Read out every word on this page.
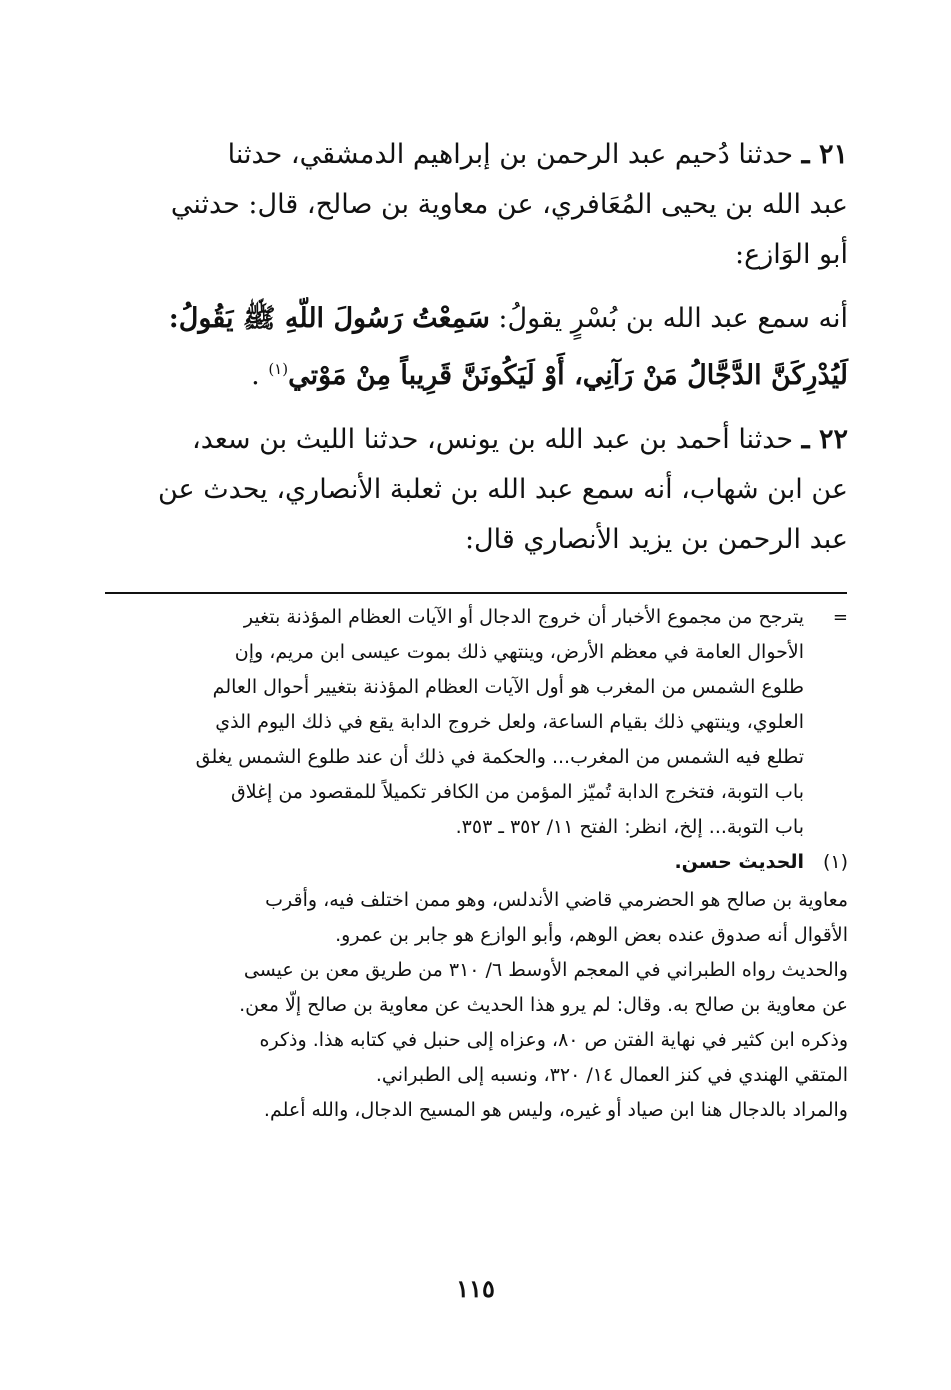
٢١ ـ حدثنا دُحيم عبد الرحمن بن إبراهيم الدمشقي، حدثنا
عبد الله بن يحيى المُعَافري، عن معاوية بن صالح، قال: حدثني
أبو الوَازع:

أنه سمع عبد الله بن بُسْرٍ يقولُ: سَمِعْتُ رَسُولَ اللّهِ ﷺ يَقُولُ:
لَيُدْرِكَنَّ الدَّجَّالُ مَنْ رَآنِي، أَوْ لَيَكُونَنَّ قَرِيباً مِنْ مَوْتي$^{(١)}$ .

٢٢ ـ حدثنا أحمد بن عبد الله بن يونس، حدثنا الليث بن سعد،
عن ابن شهاب، أنه سمع عبد الله بن ثعلبة الأنصاري، يحدث عن
عبد الرحمن بن يزيد الأنصاري قال:

=
يترجح من مجموع الأخبار أن خروج الدجال أو الآيات العظام المؤذنة بتغير
الأحوال العامة في معظم الأرض، وينتهي ذلك بموت عيسى ابن مريم، وإن
طلوع الشمس من المغرب هو أول الآيات العظام المؤذنة بتغيير أحوال العالم
العلوي، وينتهي ذلك بقيام الساعة، ولعل خروج الدابة يقع في ذلك اليوم الذي
تطلع فيه الشمس من المغرب... والحكمة في ذلك أن عند طلوع الشمس يغلق
باب التوبة، فتخرج الدابة تُميّز المؤمن من الكافر تكميلاً للمقصود من إغلاق
باب التوبة... إلخ، انظر: الفتح ١١/ ٣٥٢ ـ ٣٥٣.
(١)
الحديث حسن.
معاوية بن صالح هو الحضرمي قاضي الأندلس، وهو ممن اختلف فيه، وأقرب
الأقوال أنه صدوق عنده بعض الوهم، وأبو الوازع هو جابر بن عمرو.
والحديث رواه الطبراني في المعجم الأوسط ٦/ ٣١٠ من طريق معن بن عيسى
عن معاوية بن صالح به. وقال: لم يرو هذا الحديث عن معاوية بن صالح إلّا معن.
وذكره ابن كثير في نهاية الفتن ص ٨٠، وعزاه إلى حنبل في كتابه هذا. وذكره
المتقي الهندي في كنز العمال ١٤/ ٣٢٠، ونسبه إلى الطبراني.
والمراد بالدجال هنا ابن صياد أو غيره، وليس هو المسيح الدجال، والله أعلم.
١١٥
